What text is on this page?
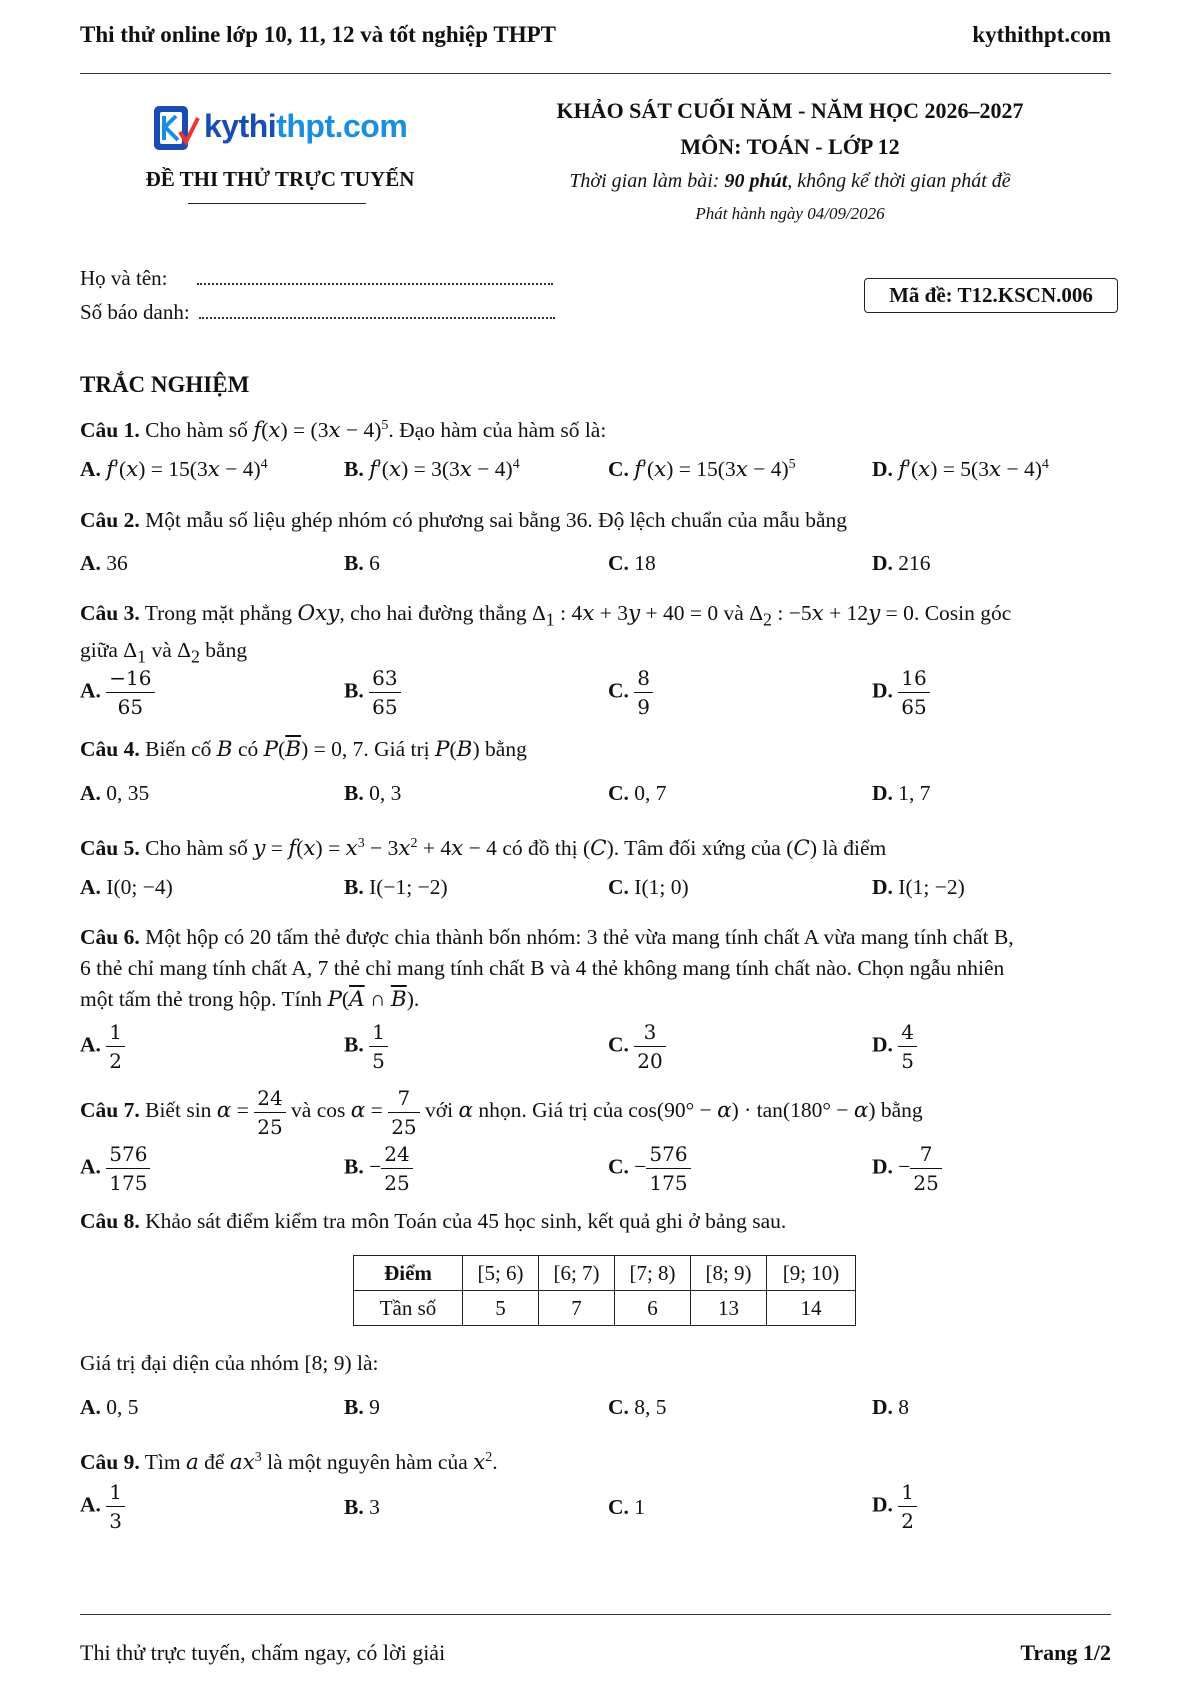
Thi thử online lớp 10, 11, 12 và tốt nghiệp THPT	kythithpt.com
kythithpt.com
ĐỀ THI THỬ TRỰC TUYẾN
KHẢO SÁT CUỐI NĂM - NĂM HỌC 2026–2027
MÔN: TOÁN - LỚP 12
Thời gian làm bài: 90 phút, không kể thời gian phát đề
Phát hành ngày 04/09/2026
Họ và tên:
Số báo danh:
Mã đề: T12.KSCN.006
TRẮC NGHIỆM
Câu 1. Cho hàm số $f(x) = (3x - 4)^5$. Đạo hàm của hàm số là:
A. $f'(x) = 15(3x - 4)^4$	B. $f'(x) = 3(3x - 4)^4$	C. $f'(x) = 15(3x - 4)^5$	D. $f'(x) = 5(3x - 4)^4$
Câu 2. Một mẫu số liệu ghép nhóm có phương sai bằng 36. Độ lệch chuẩn của mẫu bằng
A. 36	B. 6	C. 18	D. 216
Câu 3. Trong mặt phẳng Oxy, cho hai đường thẳng $\Delta_1$ : 4x + 3y + 40 = 0 và $\Delta_2$ : −5x + 12y = 0. Cosin góc
giữa $\Delta_1$ và $\Delta_2$ bằng
A. $\frac{-16}{65}$	B. $\frac{63}{65}$	C. $\frac{8}{9}$	D. $\frac{16}{65}$
Câu 4. Biến cố B có $P(\overline{B}) = 0$, 7. Giá trị P(B) bằng
A. 0, 35	B. 0, 3	C. 0, 7	D. 1, 7
Câu 5. Cho hàm số $y = f(x) = x^3 - 3x^2 + 4x - 4$ có đồ thị (C). Tâm đối xứng của (C) là điểm
A. I(0; −4)	B. I(−1; −2)	C. I(1; 0)	D. I(1; −2)
Câu 6. Một hộp có 20 tấm thẻ được chia thành bốn nhóm: 3 thẻ vừa mang tính chất A vừa mang tính chất B,
6 thẻ chỉ mang tính chất A, 7 thẻ chỉ mang tính chất B và 4 thẻ không mang tính chất nào. Chọn ngẫu nhiên
một tấm thẻ trong hộp. Tính $P(\overline{A}$ ∩ $\overline{B}$).
A. $\frac{1}{2}$	B. $\frac{1}{5}$	C. $\frac{3}{20}$	D. $\frac{4}{5}$
Câu 7. Biết $\sin \alpha = \frac{24}{25}$ và $\cos \alpha = \frac{7}{25}$ với α nhọn. Giá trị của cos(90° − α) · tan(180° − α) bằng
A. $\frac{576}{175}$	B. − $\frac{24}{25}$	C. − $\frac{576}{175}$	D. − $\frac{7}{25}$
Câu 8. Khảo sát điểm kiểm tra môn Toán của 45 học sinh, kết quả ghi ở bảng sau.
Điểm	[5; 6)	[6; 7)	[7; 8)	[8; 9)	[9; 10)
Tần số	5	7	6	13	14
Giá trị đại diện của nhóm [8; 9) là:
A. 0, 5	B. 9	C. 8, 5	D. 8
Câu 9. Tìm a để $ax^3$ là một nguyên hàm của $x^2$.
A. $\frac{1}{3}$	B. 3	C. 1	D. $\frac{1}{2}$
Thi thử trực tuyến, chấm ngay, có lời giải	Trang 1/2
